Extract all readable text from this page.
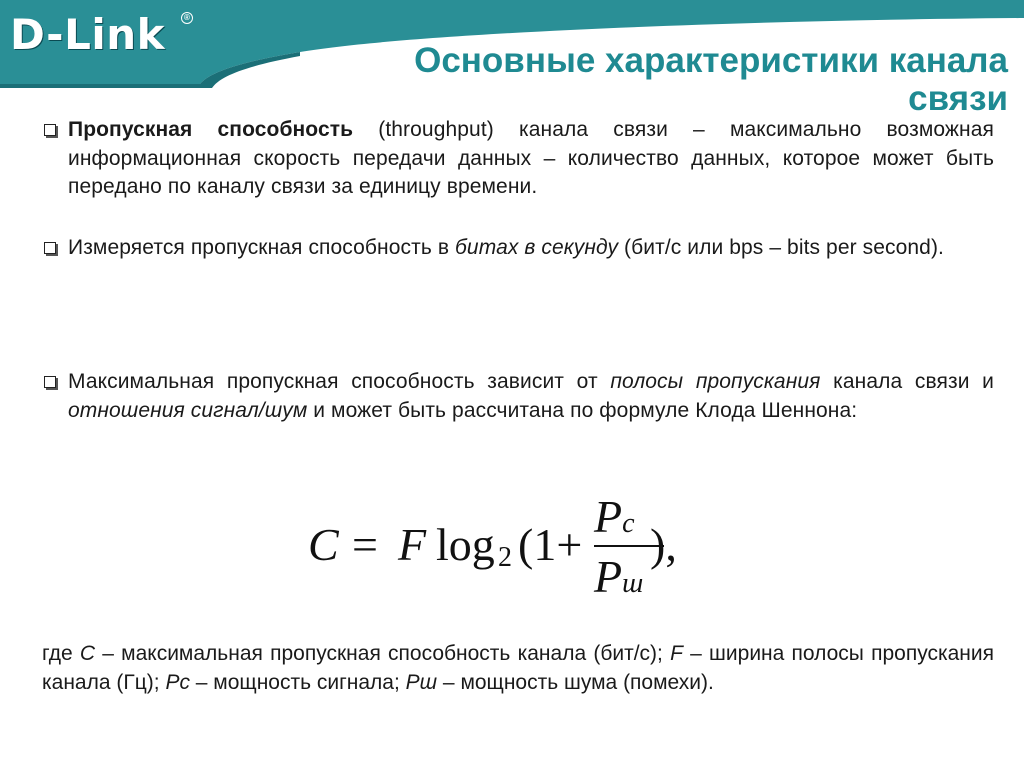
D-Link	®
Основные характеристики канала
связи
Пропускная способность (throughput) канала связи – максимально возможная информационная скорость передачи данных – количество данных, которое может быть передано по каналу связи за единицу времени.
Измеряется пропускная способность в битах в секунду (бит/с или bps – bits per second).
Максимальная пропускная способность зависит от полосы пропускания канала связи и отношения сигнал/шум и может быть рассчитана по формуле Клода Шеннона:
C = F log 2 (1+
Pc
Pш
),
где C – максимальная пропускная способность канала (бит/с); F – ширина полосы пропускания канала (Гц); Pc – мощность сигнала; Pш – мощность шума (помехи).
